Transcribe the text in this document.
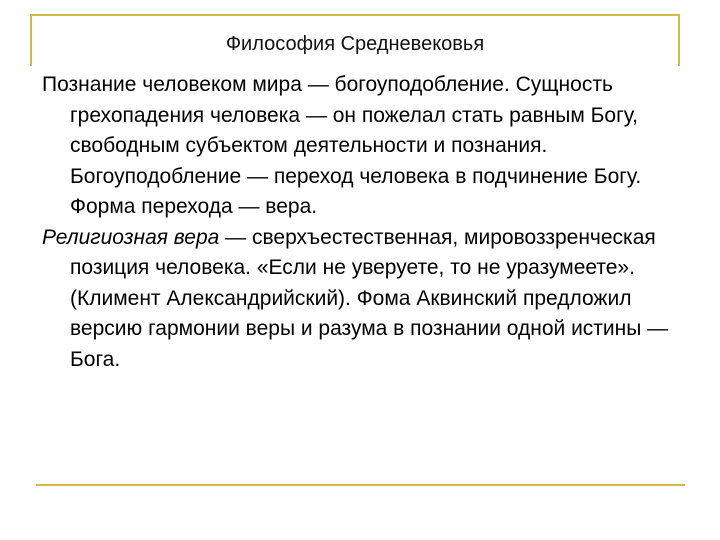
Философия Средневековья

Познание человеком мира — богоуподобление. Сущность грехопадения человека — он пожелал стать равным Богу, свободным субъектом деятельности и познания. Богоуподобление — переход человека в подчинение Богу. Форма перехода — вера.

Религиозная вера — сверхъестественная, мировоззренческая позиция человека. «Если не уверуете, то не уразумеете». (Климент Александрийский). Фома Аквинский предложил версию гармонии веры и разума в познании одной истины — Бога.
